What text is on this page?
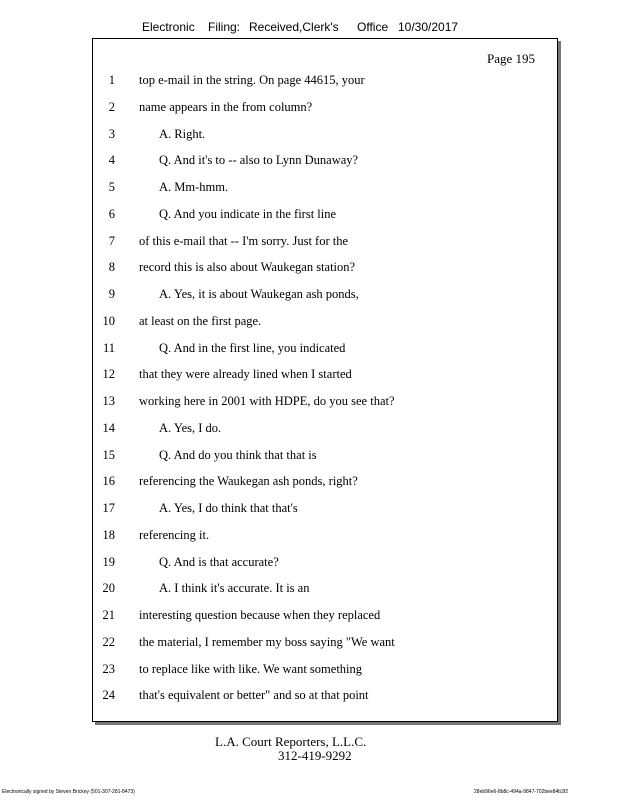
Electronic Filing: Received,Clerk's Office 10/30/2017
Page 195
1 top e-mail in the string. On page 44615, your
2 name appears in the from column?
3	A. Right.
4	Q. And it's to -- also to Lynn Dunaway?
5	A. Mm-hmm.
6	Q. And you indicate in the first line
7 of this e-mail that -- I'm sorry. Just for the
8 record this is also about Waukegan station?
9	A. Yes, it is about Waukegan ash ponds,
10 at least on the first page.
11	Q. And in the first line, you indicated
12 that they were already lined when I started
13 working here in 2001 with HDPE, do you see that?
14	A. Yes, I do.
15	Q. And do you think that that is
16 referencing the Waukegan ash ponds, right?
17	A. Yes, I do think that that's
18 referencing it.
19	Q. And is that accurate?
20	A. I think it's accurate. It is an
21 interesting question because when they replaced
22 the material, I remember my boss saying "We want
23 to replace like with like. We want something
24 that's equivalent or better" and so at that point
L.A. Court Reporters, L.L.C.
312-419-9292
Electronically signed by Steven Brickey (501-307-281-8473)	28eb96e6-8b8c-494a-9847-702bee84b3f2
